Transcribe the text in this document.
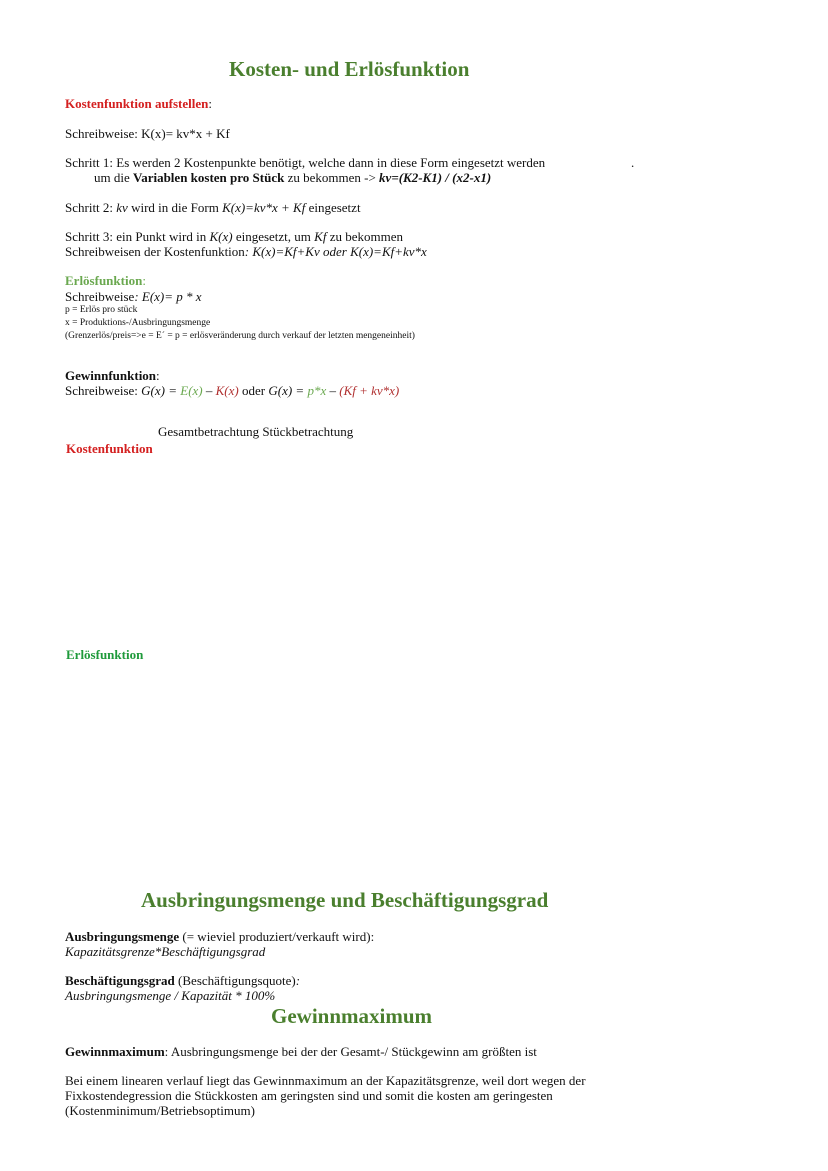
Kosten- und Erlösfunktion
Kostenfunktion aufstellen:
Schreibweise: K(x)= kv*x + Kf
Schritt 1: Es werden 2 Kostenpunkte benötigt, welche dann in diese Form eingesetzt werden	.
um die Variablen kosten pro Stück zu bekommen -> kv=(K2-K1) / (x2-x1)
Schritt 2: kv wird in die Form K(x)=kv*x + Kf eingesetzt
Schritt 3: ein Punkt wird in K(x) eingesetzt, um Kf zu bekommen
Schreibweisen der Kostenfunktion: K(x)=Kf+Kv oder K(x)=Kf+kv*x
Erlösfunktion:
Schreibweise: E(x)= p * x
p = Erlös pro stück
x = Produktions-/Ausbringungsmenge
(Grenzerlös/preis=>e = E´ = p = erlösveränderung durch verkauf der letzten mengeneinheit)
Gewinnfunktion:
Schreibweise: G(x) = E(x) – K(x) oder G(x) = p*x – (Kf + kv*x)
Gesamtbetrachtung Stückbetrachtung
Kostenfunktion
Erlösfunktion
Ausbringungsmenge und Beschäftigungsgrad
Ausbringungsmenge (= wieviel produziert/verkauft wird):
Kapazitätsgrenze*Beschäftigungsgrad
Beschäftigungsgrad (Beschäftigungsquote):
Ausbringungsmenge / Kapazität * 100%
Gewinnmaximum
Gewinnmaximum: Ausbringungsmenge bei der der Gesamt-/ Stückgewinn am größten ist
Bei einem linearen verlauf liegt das Gewinnmaximum an der Kapazitätsgrenze, weil dort wegen der
Fixkostendegression die Stückkosten am geringsten sind und somit die kosten am geringesten
(Kostenminimum/Betriebsoptimum)
